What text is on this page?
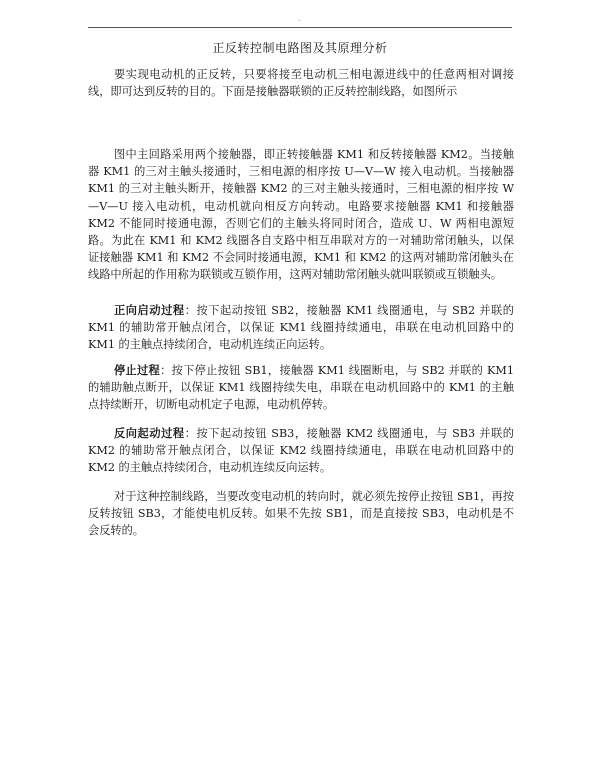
.
正反转控制电路图及其原理分析

要实现电动机的正反转，只要将接至电动机三相电源进线中的任意两相对调接线，即可达到反转的目的。下面是接触器联锁的正反转控制线路，如图所示

图中主回路采用两个接触器，即正转接触器 KM1 和反转接触器 KM2。当接触器 KM1 的三对主触头接通时，三相电源的相序按 U—V—W 接入电动机。当接触器 KM1 的三对主触头断开，接触器 KM2 的三对主触头接通时，三相电源的相序按 W—V—U 接入电动机，电动机就向相反方向转动。电路要求接触器 KM1 和接触器 KM2 不能同时接通电源，否则它们的主触头将同时闭合，造成 U、W 两相电源短路。为此在 KM1 和 KM2 线圈各自支路中相互串联对方的一对辅助常闭触头，以保证接触器 KM1 和 KM2 不会同时接通电源，KM1 和 KM2 的这两对辅助常闭触头在线路中所起的作用称为联锁或互锁作用，这两对辅助常闭触头就叫联锁或互锁触头。

正向启动过程：按下起动按钮 SB2，接触器 KM1 线圈通电，与 SB2 并联的 KM1 的辅助常开触点闭合，以保证 KM1 线圈持续通电，串联在电动机回路中的 KM1 的主触点持续闭合，电动机连续正向运转。

停止过程：按下停止按钮 SB1，接触器 KM1 线圈断电，与 SB2 并联的 KM1 的辅助触点断开，以保证 KM1 线圈持续失电，串联在电动机回路中的 KM1 的主触点持续断开，切断电动机定子电源，电动机停转。

反向起动过程：按下起动按钮 SB3，接触器 KM2 线圈通电，与 SB3 并联的 KM2 的辅助常开触点闭合，以保证 KM2 线圈持续通电，串联在电动机回路中的 KM2 的主触点持续闭合，电动机连续反向运转。

对于这种控制线路，当要改变电动机的转向时，就必须先按停止按钮 SB1，再按反转按钮 SB3，才能使电机反转。如果不先按 SB1，而是直接按 SB3，电动机是不会反转的。
